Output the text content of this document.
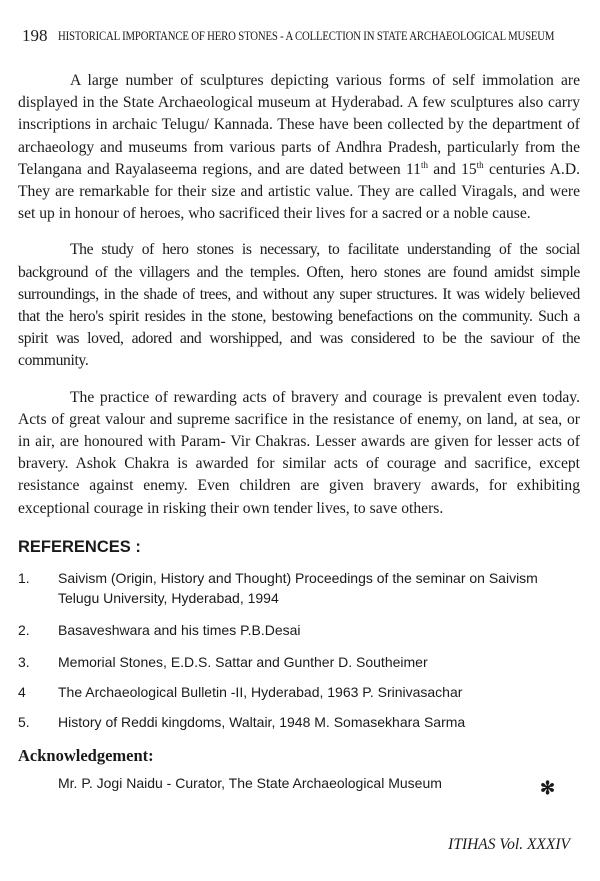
198 HISTORICAL IMPORTANCE OF HERO STONES - A COLLECTION IN STATE ARCHAEOLOGICAL MUSEUM

A large number of sculptures depicting various forms of self immolation are displayed in the State Archaeological museum at Hyderabad. A few sculptures also carry inscriptions in archaic Telugu/ Kannada. These have been collected by the department of archaeology and museums from various parts of Andhra Pradesh, particularly from the Telangana and Rayalaseema regions, and are dated between 11th and 15th centuries A.D. They are remarkable for their size and artistic value. They are called Viragals, and were set up in honour of heroes, who sacrificed their lives for a sacred or a noble cause.

The study of hero stones is necessary, to facilitate understanding of the social background of the villagers and the temples. Often, hero stones are found amidst simple surroundings, in the shade of trees, and without any super structures. It was widely believed that the hero's spirit resides in the stone, bestowing benefactions on the community. Such a spirit was loved, adored and worshipped, and was considered to be the saviour of the community.

The practice of rewarding acts of bravery and courage is prevalent even today. Acts of great valour and supreme sacrifice in the resistance of enemy, on land, at sea, or in air, are honoured with Param- Vir Chakras. Lesser awards are given for lesser acts of bravery. Ashok Chakra is awarded for similar acts of courage and sacrifice, except resistance against enemy. Even children are given bravery awards, for exhibiting exceptional courage in risking their own tender lives, to save others.

REFERENCES :
1. Saivism (Origin, History and Thought) Proceedings of the seminar on Saivism Telugu University, Hyderabad, 1994
2. Basaveshwara and his times P.B.Desai
3. Memorial Stones, E.D.S. Sattar and Gunther D. Southeimer
4 The Archaeological Bulletin -II, Hyderabad, 1963 P. Srinivasachar
5. History of Reddi kingdoms, Waltair, 1948 M. Somasekhara Sarma
Acknowledgement:
Mr. P. Jogi Naidu - Curator, The State Archaeological Museum	✻
ITIHAS Vol. XXXIV
